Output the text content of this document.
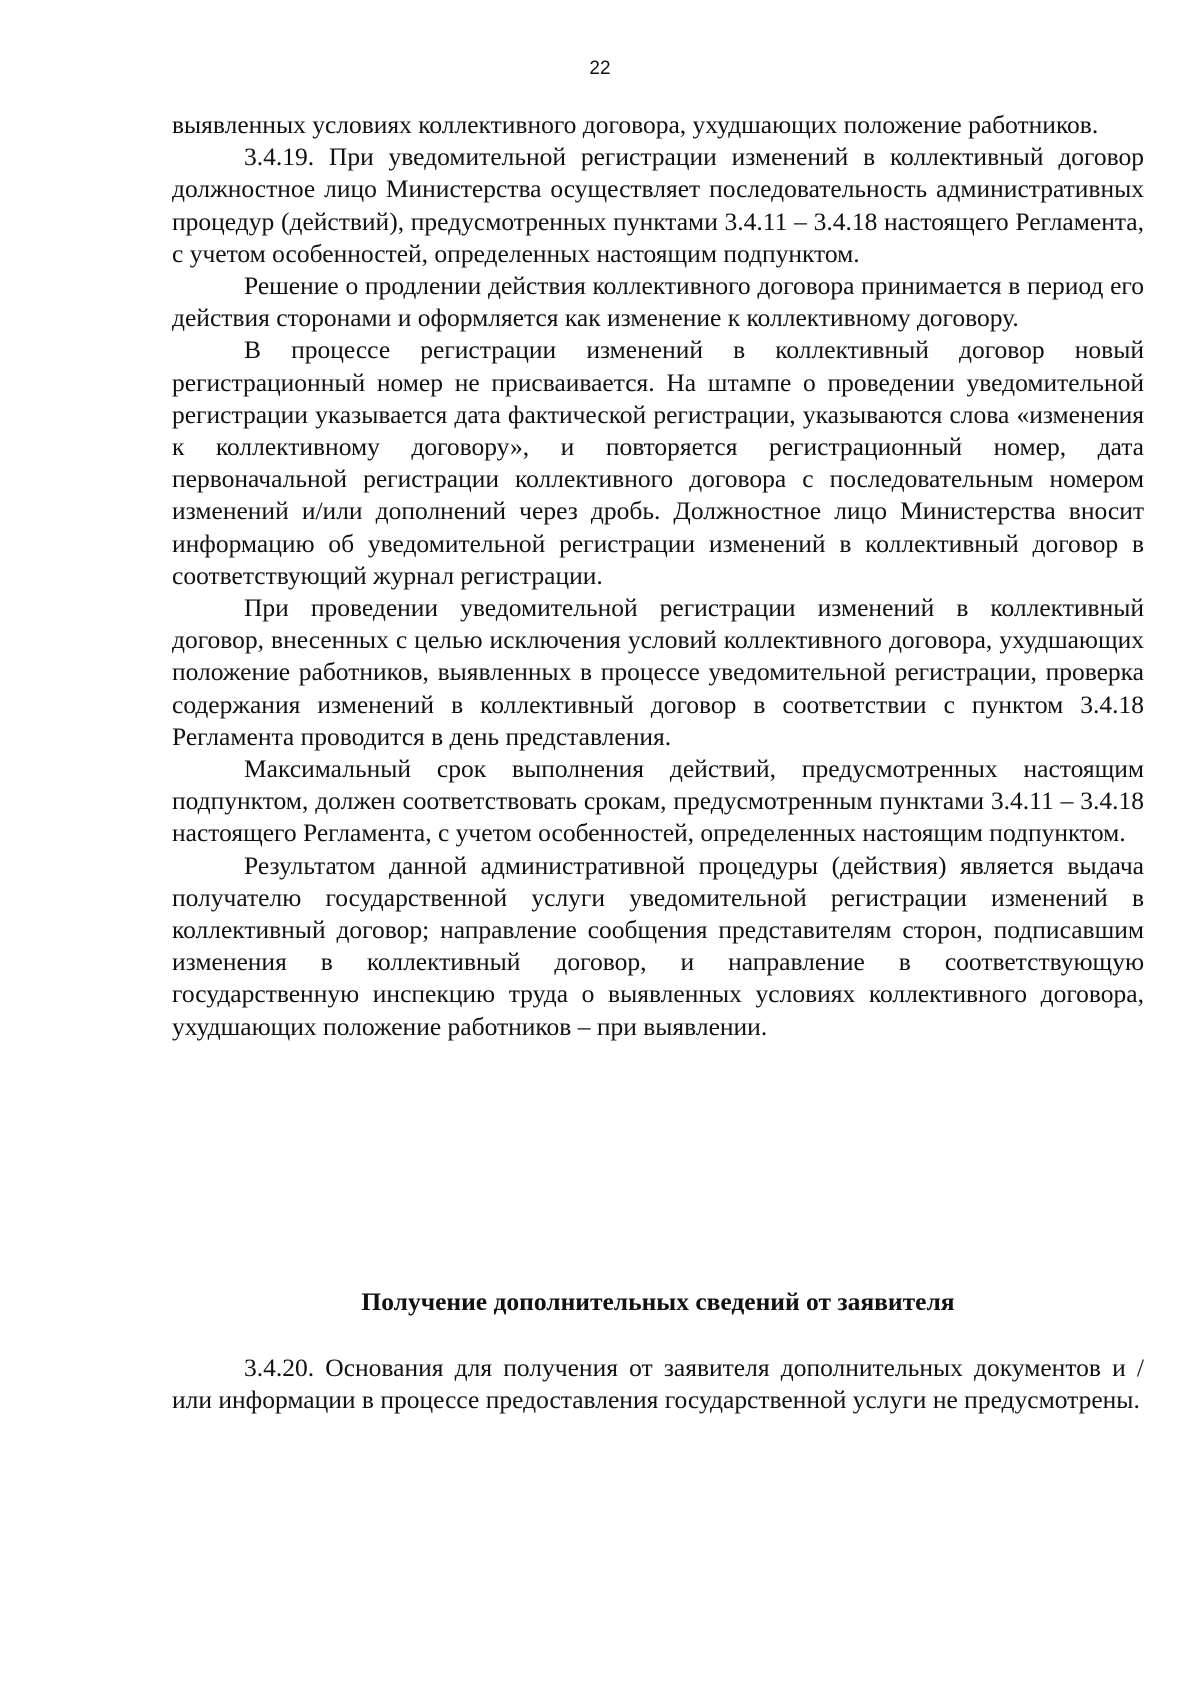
22

выявленных условиях коллективного договора, ухудшающих положение работников.

3.4.19. При уведомительной регистрации изменений в коллективный договор должностное лицо Министерства осуществляет последовательность административных процедур (действий), предусмотренных пунктами 3.4.11 – 3.4.18 настоящего Регламента, с учетом особенностей, определенных настоящим подпунктом.

Решение о продлении действия коллективного договора принимается в период его действия сторонами и оформляется как изменение к коллективному договору.

В процессе регистрации изменений в коллективный договор новый регистрационный номер не присваивается. На штампе о проведении уведомительной регистрации указывается дата фактической регистрации, указываются слова «изменения к коллективному договору», и повторяется регистрационный номер, дата первоначальной регистрации коллективного договора с последовательным номером изменений и/или дополнений через дробь. Должностное лицо Министерства вносит информацию об уведомительной регистрации изменений в коллективный договор в соответствующий журнал регистрации.

При проведении уведомительной регистрации изменений в коллективный договор, внесенных с целью исключения условий коллективного договора, ухудшающих положение работников, выявленных в процессе уведомительной регистрации, проверка содержания изменений в коллективный договор в соответствии с пунктом 3.4.18 Регламента проводится в день представления.

Максимальный срок выполнения действий, предусмотренных настоящим подпунктом, должен соответствовать срокам, предусмотренным пунктами 3.4.11 – 3.4.18 настоящего Регламента, с учетом особенностей, определенных настоящим подпунктом.

Результатом данной административной процедуры (действия) является выдача получателю государственной услуги уведомительной регистрации изменений в коллективный договор; направление сообщения представителям сторон, подписавшим изменения в коллективный договор, и направление в соответствующую государственную инспекцию труда о выявленных условиях коллективного договора, ухудшающих положение работников – при выявлении.

Получение дополнительных сведений от заявителя

3.4.20. Основания для получения от заявителя дополнительных документов и / или информации в процессе предоставления государственной услуги не предусмотрены.
